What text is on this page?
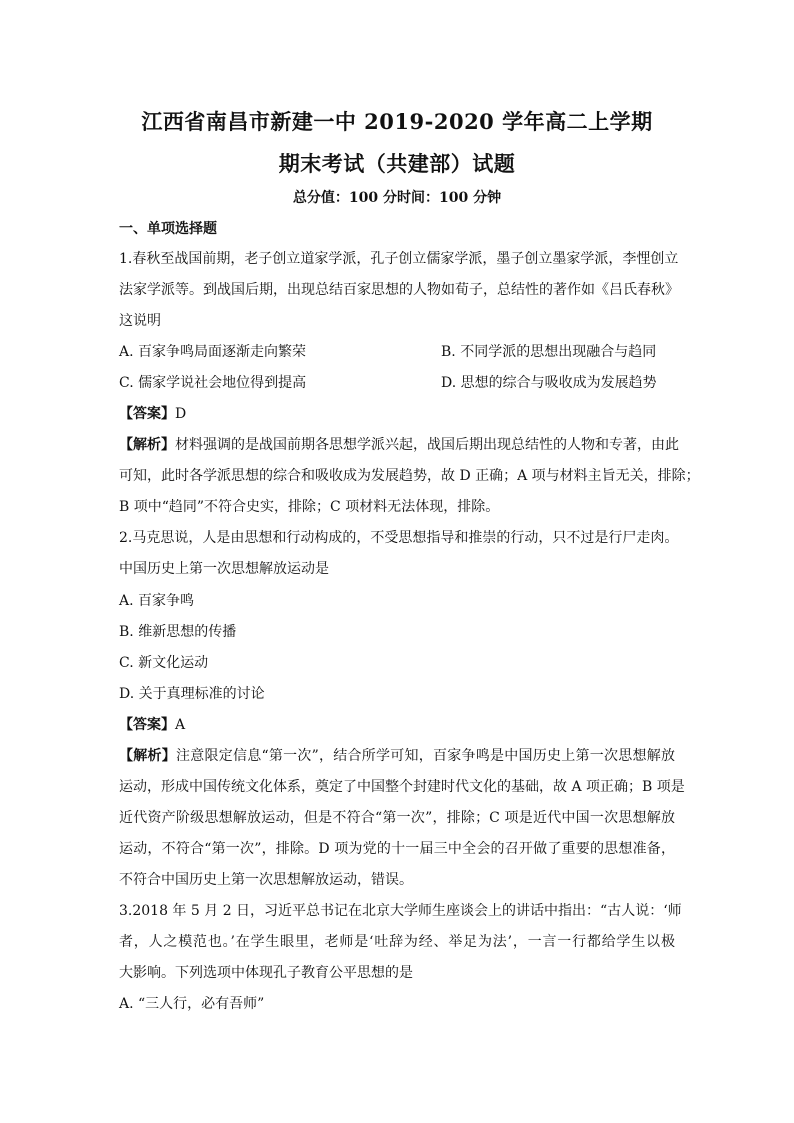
江西省南昌市新建一中 2019-2020 学年高二上学期
期末考试（共建部）试题
总分值：100 分时间：100 分钟
一、单项选择题
1.春秋至战国前期，老子创立道家学派，孔子创立儒家学派，墨子创立墨家学派，李悝创立
法家学派等。到战国后期，出现总结百家思想的人物如荀子，总结性的著作如《吕氏春秋》
这说明
A. 百家争鸣局面逐渐走向繁荣	B. 不同学派的思想出现融合与趋同
C. 儒家学说社会地位得到提高	D. 思想的综合与吸收成为发展趋势
【答案】D
【解析】材料强调的是战国前期各思想学派兴起，战国后期出现总结性的人物和专著，由此
可知，此时各学派思想的综合和吸收成为发展趋势，故 D 正确；A 项与材料主旨无关，排除；
B 项中“趋同”不符合史实，排除；C 项材料无法体现，排除。
2.马克思说，人是由思想和行动构成的，不受思想指导和推崇的行动，只不过是行尸走肉。
中国历史上第一次思想解放运动是
A. 百家争鸣
B. 维新思想的传播
C. 新文化运动
D. 关于真理标准的讨论
【答案】A
【解析】注意限定信息“第一次”，结合所学可知，百家争鸣是中国历史上第一次思想解放
运动，形成中国传统文化体系，奠定了中国整个封建时代文化的基础，故 A 项正确；B 项是
近代资产阶级思想解放运动，但是不符合“第一次”，排除；C 项是近代中国一次思想解放
运动，不符合“第一次”，排除。D 项为党的十一届三中全会的召开做了重要的思想准备，
不符合中国历史上第一次思想解放运动，错误。
3.2018 年 5 月 2 日，习近平总书记在北京大学师生座谈会上的讲话中指出：“古人说：‘师
者，人之模范也。’在学生眼里，老师是‘吐辞为经、举足为法’，一言一行都给学生以极
大影响。下列选项中体现孔子教育公平思想的是
A. “三人行，必有吾师”
